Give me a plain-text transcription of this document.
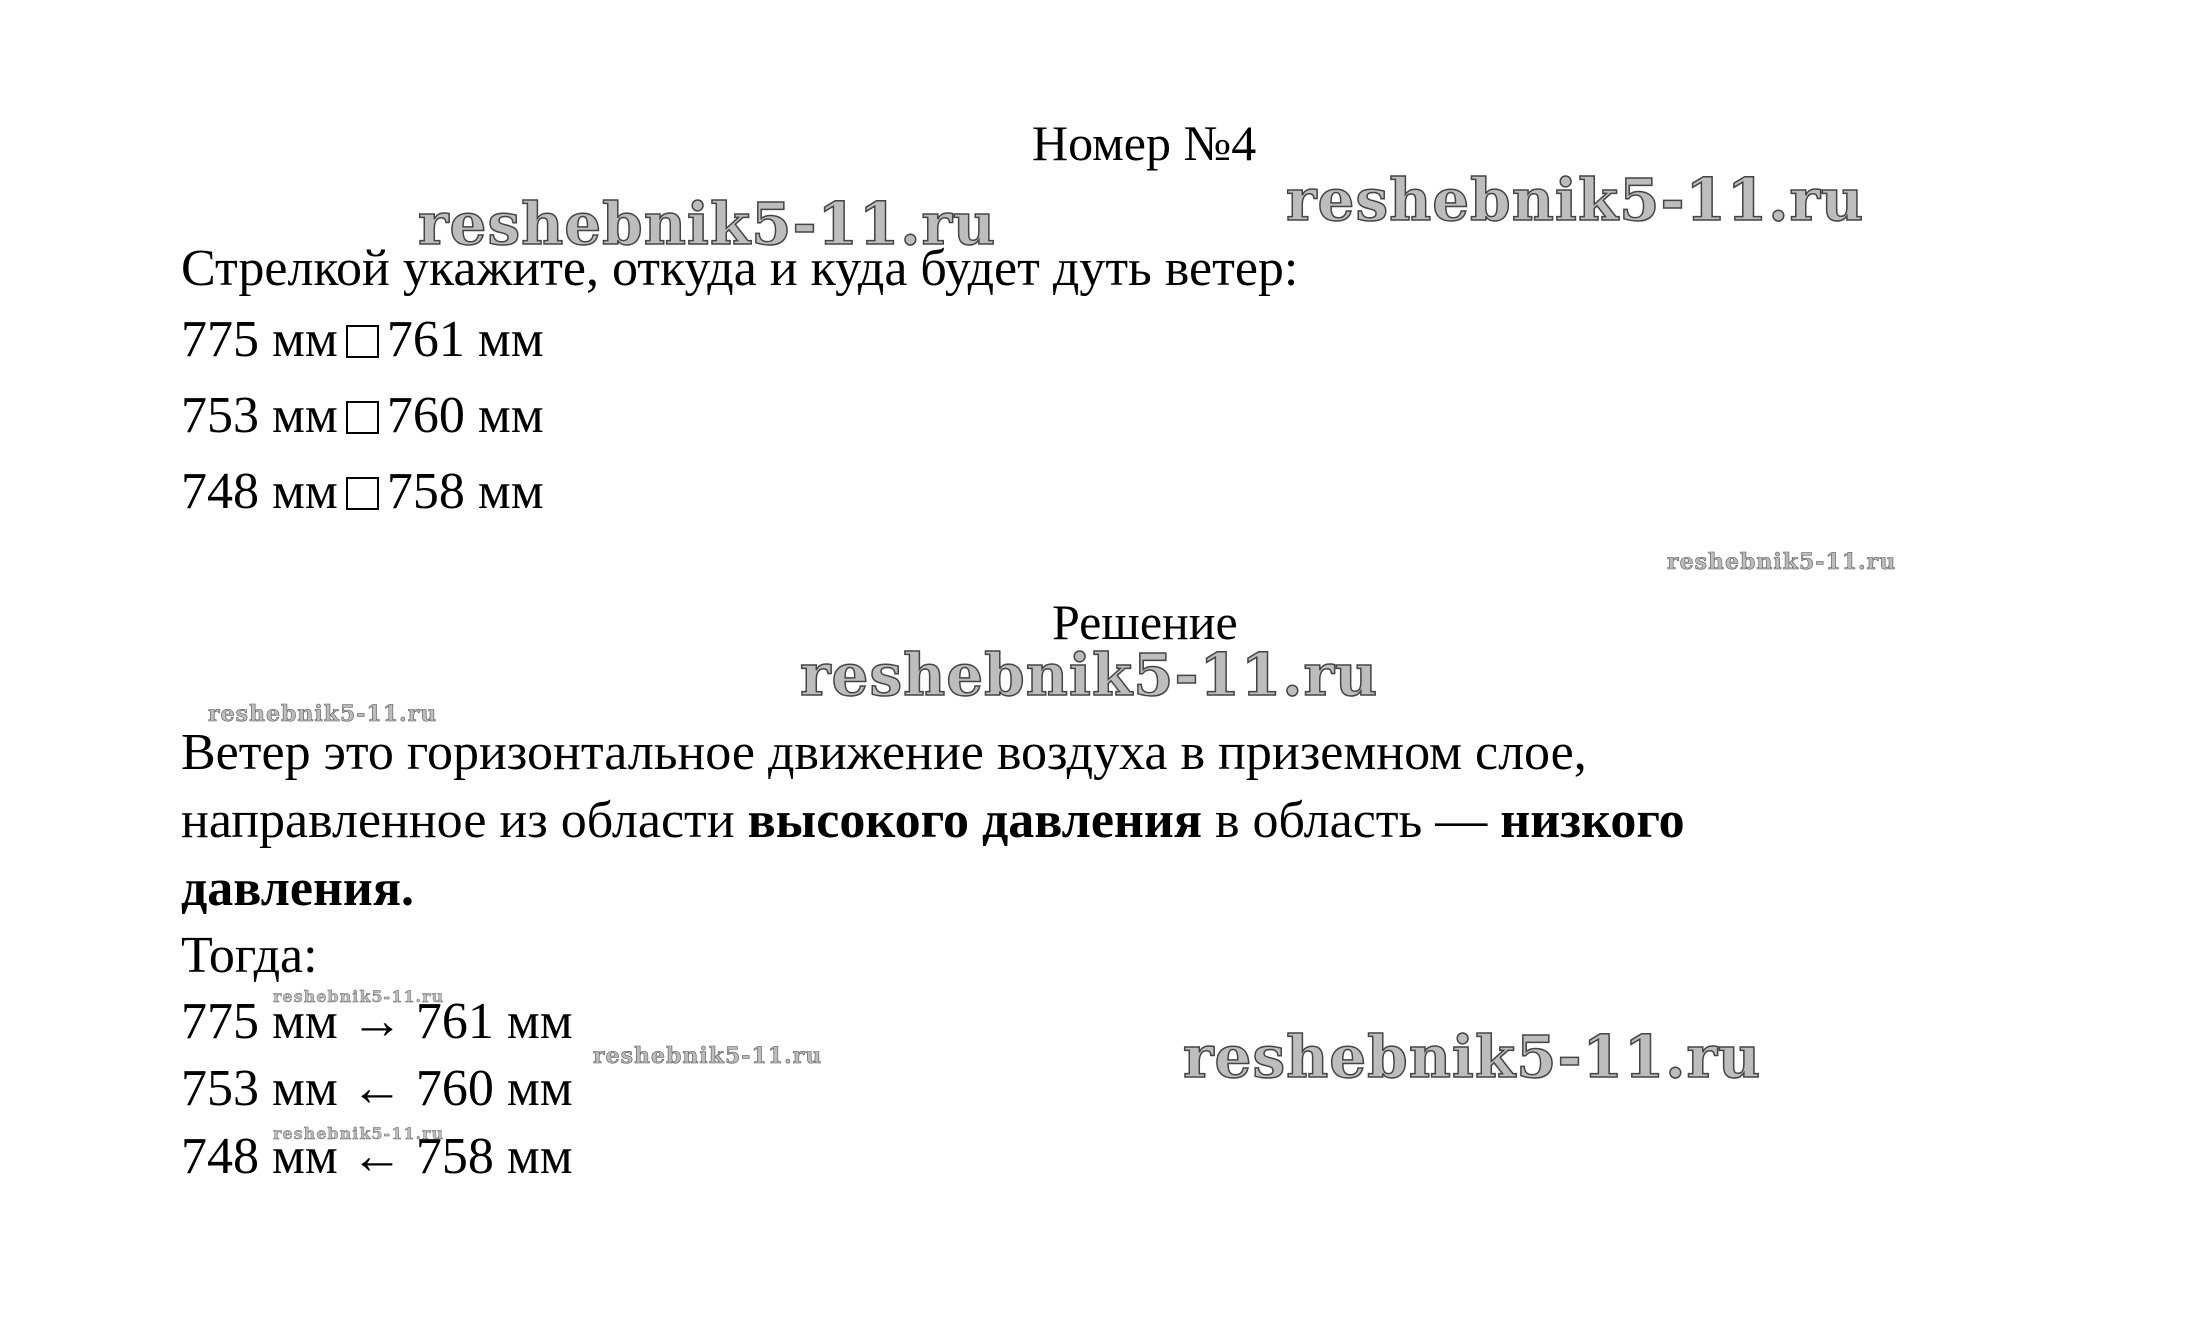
Номер №4
Стрелкой укажите, откуда и куда будет дуть ветер:
775 мм 761 мм
753 мм 760 мм
748 мм 758 мм
Решение
Ветер это горизонтальное движение воздуха в приземном слое,
направленное из области высокого давления в область — низкого
давления.
Тогда:
775 мм → 761 мм
753 мм ← 760 мм
748 мм ← 758 мм
reshebnik5-11.ru	reshebnik5-11.ru
reshebnik5-11.ru
reshebnik5-11.ru
reshebnik5-11.ru
reshebnik5-11.ru
reshebnik5-11.ru	reshebnik5-11.ru
reshebnik5-11.ru
